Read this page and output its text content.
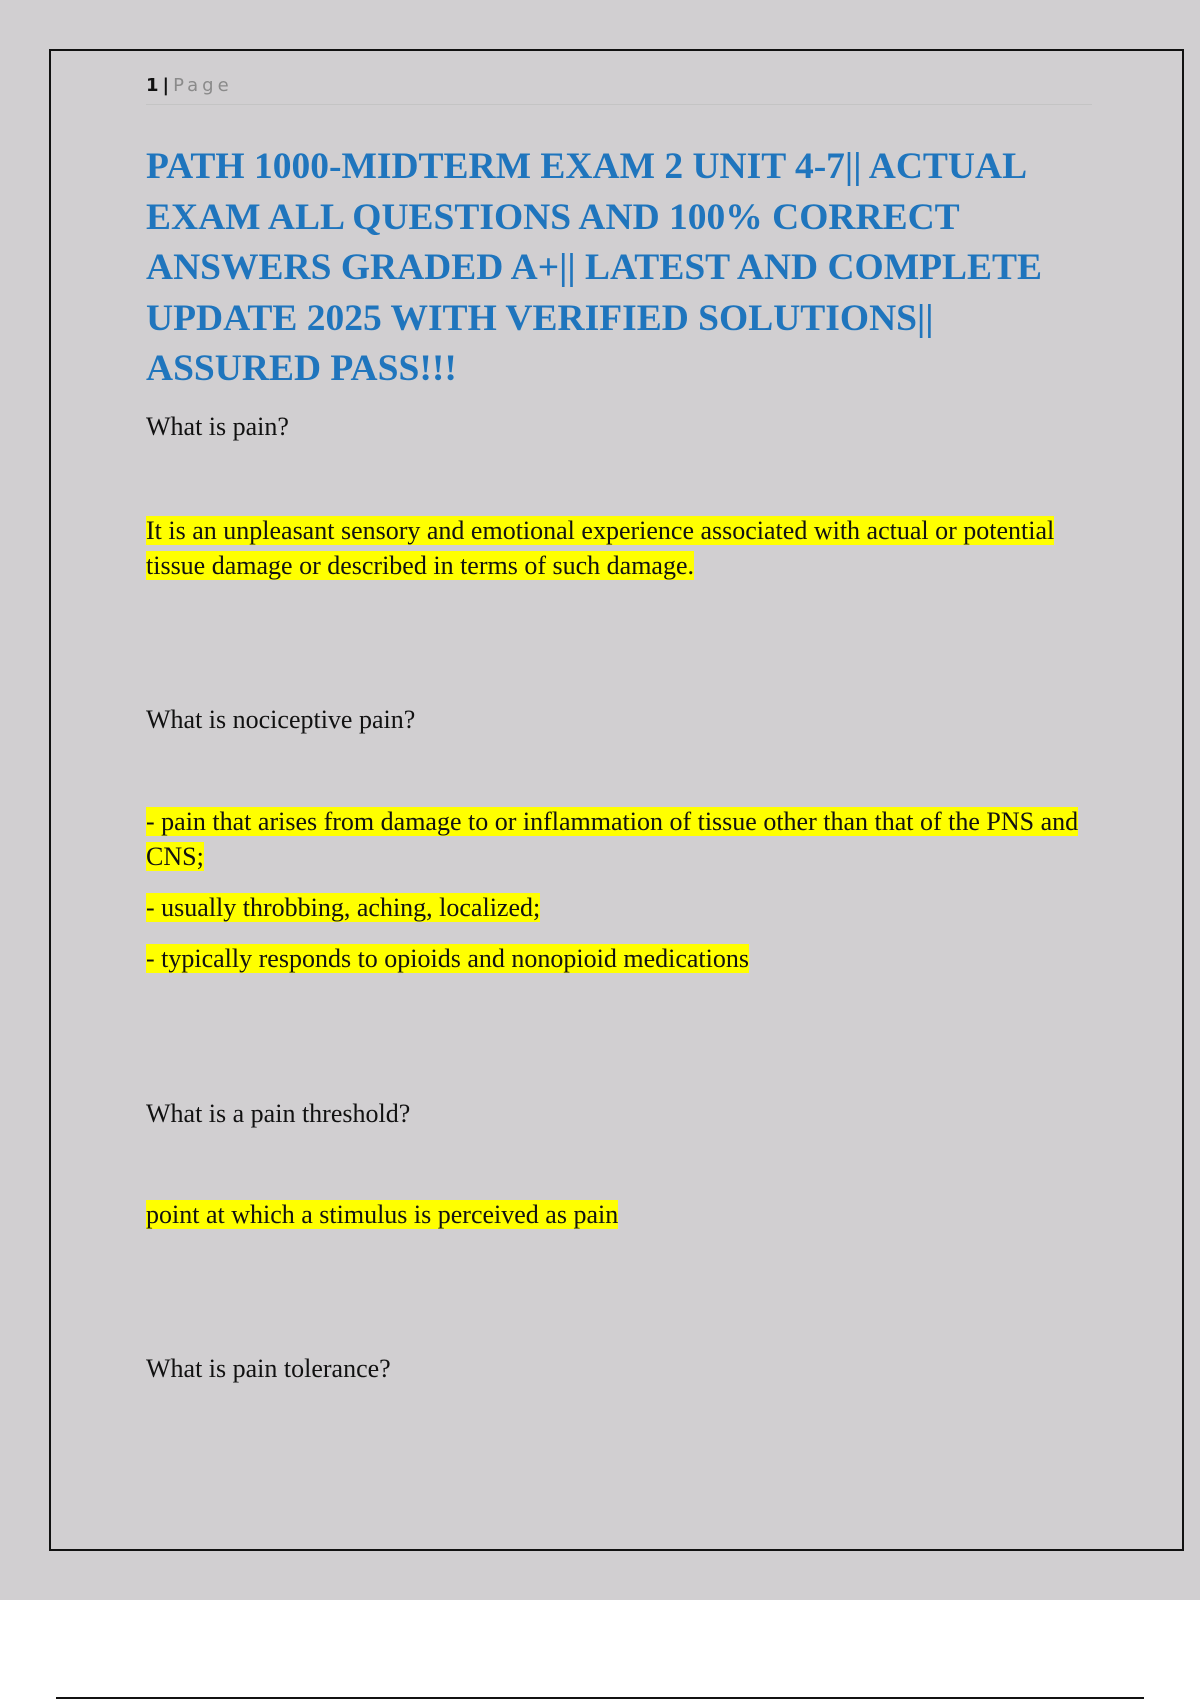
1 | Page
PATH 1000-MIDTERM EXAM 2 UNIT 4-7|| ACTUAL EXAM ALL QUESTIONS AND 100% CORRECT ANSWERS GRADED A+|| LATEST AND COMPLETE UPDATE 2025 WITH VERIFIED SOLUTIONS|| ASSURED PASS!!!

What is pain?

It is an unpleasant sensory and emotional experience associated with actual or potential tissue damage or described in terms of such damage.

What is nociceptive pain?

- pain that arises from damage to or inflammation of tissue other than that of the PNS and CNS;

- usually throbbing, aching, localized;

- typically responds to opioids and nonopioid medications

What is a pain threshold?

point at which a stimulus is perceived as pain

What is pain tolerance?
